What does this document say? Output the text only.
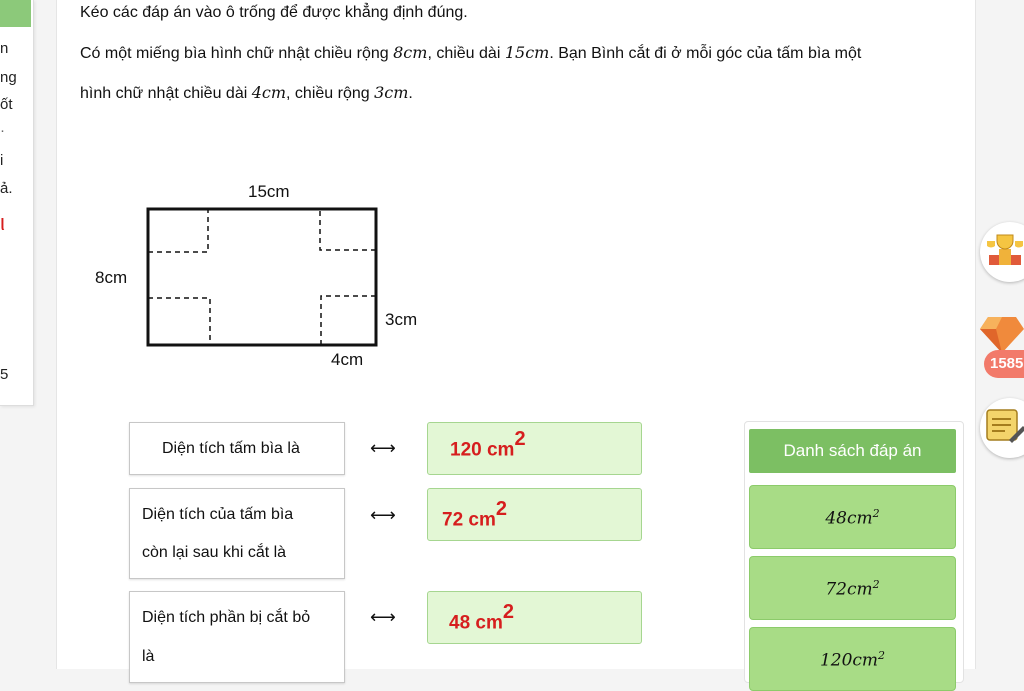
n
ng
ốt
·
i
ả.
ι
5
Kéo các đáp án vào ô trống để được khẳng định đúng.
Có một miếng bìa hình chữ nhật chiều rộng 8cm, chiều dài 15cm. Bạn Bình cắt đi ở mỗi góc của tấm bìa một
hình chữ nhật chiều dài 4cm, chiều rộng 3cm.
15cm
8cm
3cm
4cm
Diện tích tấm bìa là	⟷	120 $cm^2$
Diện tích của tấm bìa
còn lại sau khi cắt là
⟷ 72 $cm^2$
Diện tích phần bị cắt bỏ
là
⟷	48 $cm^2$
Danh sách đáp án
$48cm^2$
$72cm^2$
$120cm^2$
1585
